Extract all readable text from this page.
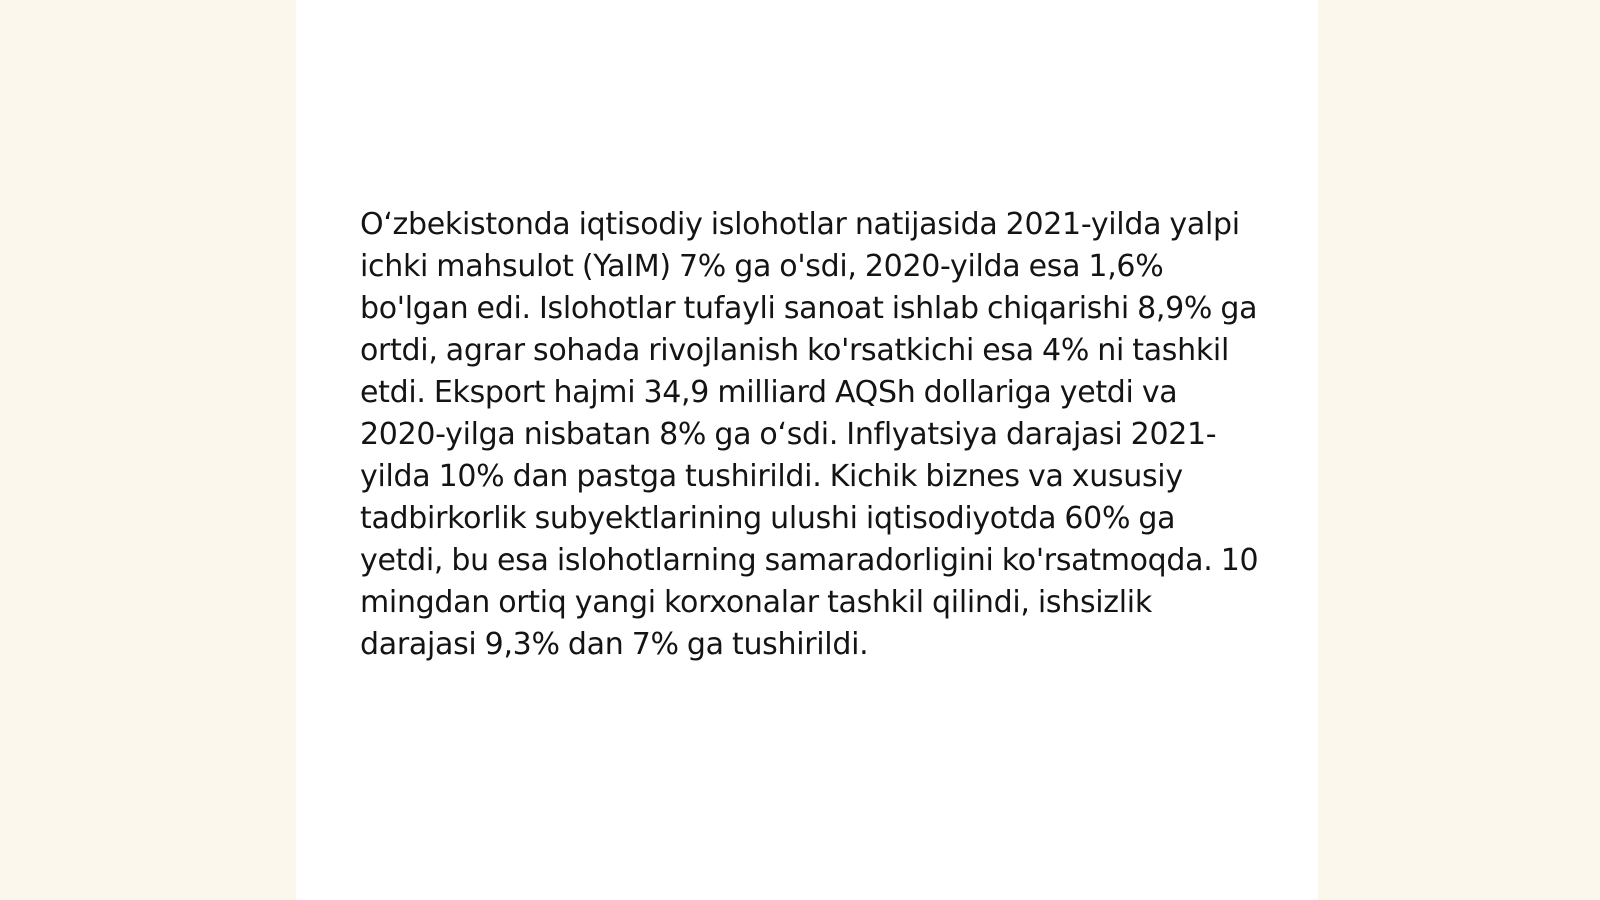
O‘zbekistonda iqtisodiy islohotlar natijasida 2021-yilda yalpi ichki mahsulot (YaIM) 7% ga o'sdi, 2020-yilda esa 1,6% bo'lgan edi. Islohotlar tufayli sanoat ishlab chiqarishi 8,9% ga ortdi, agrar sohada rivojlanish ko'rsatkichi esa 4% ni tashkil etdi. Eksport hajmi 34,9 milliard AQSh dollariga yetdi va 2020-yilga nisbatan 8% ga o‘sdi. Inflyatsiya darajasi 2021-yilda 10% dan pastga tushirildi. Kichik biznes va xususiy tadbirkorlik subyektlarining ulushi iqtisodiyotda 60% ga yetdi, bu esa islohotlarning samaradorligini ko'rsatmoqda. 10 mingdan ortiq yangi korxonalar tashkil qilindi, ishsizlik darajasi 9,3% dan 7% ga tushirildi.
